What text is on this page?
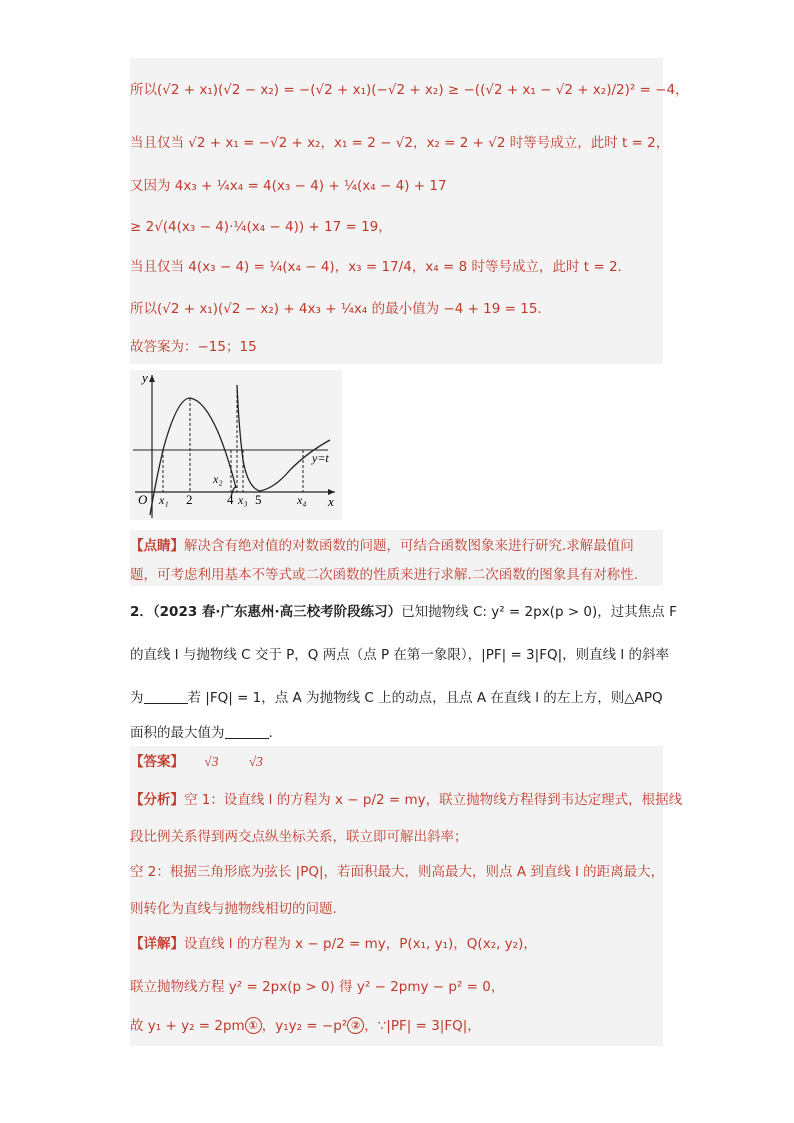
所以(√2 + x₁)(√2 − x₂) = −(√2 + x₁)(−√2 + x₂) ≥ −((√2 + x₁ − √2 + x₂)/2)² = −4，
当且仅当 √2 + x₁ = −√2 + x₂，x₁ = 2 − √2，x₂ = 2 + √2 时等号成立，此时 t = 2，
又因为 4x₃ + ¼x₄ = 4(x₃ − 4) + ¼(x₄ − 4) + 17
≥ 2√(4(x₃ − 4)·¼(x₄ − 4)) + 17 = 19，
当且仅当 4(x₃ − 4) = ¼(x₄ − 4)，x₃ = 17/4，x₄ = 8 时等号成立，此时 t = 2.
所以(√2 + x₁)(√2 − x₂) + 4x₃ + ¼x₄ 的最小值为 −4 + 19 = 15.
故答案为：−15；15
y
x
O x₁ 2
x₂
4 x₃ 5	x₄
y=t
【点睛】解决含有绝对值的对数函数的问题，可结合函数图象来进行研究.求解最值问
题，可考虑利用基本不等式或二次函数的性质来进行求解.二次函数的图象具有对称性.
2．（2023 春·广东惠州·高三校考阶段练习）已知抛物线 C: y² = 2px(p > 0)，过其焦点 F
的直线 l 与抛物线 C 交于 P，Q 两点（点 P 在第一象限），|PF| = 3|FQ|，则直线 l 的斜率
为	若 |FQ| = 1，点 A 为抛物线 C 上的动点，且点 A 在直线 l 的左上方，则△APQ
面积的最大值为	.
【答案】 √3 √3
【分析】空 1：设直线 l 的方程为 x − p/2 = my，联立抛物线方程得到韦达定理式，根据线
段比例关系得到两交点纵坐标关系，联立即可解出斜率；
空 2：根据三角形底为弦长 |PQ|，若面积最大，则高最大，则点 A 到直线 l 的距离最大，
则转化为直线与抛物线相切的问题.
【详解】设直线 l 的方程为 x − p/2 = my，P(x₁, y₁)，Q(x₂, y₂)，
联立抛物线方程 y² = 2px(p > 0) 得 y² − 2pmy − p² = 0，
故 y₁ + y₂ = 2pm ① ，y₁y₂ = −p² ② ，∵|PF| = 3|FQ|，
